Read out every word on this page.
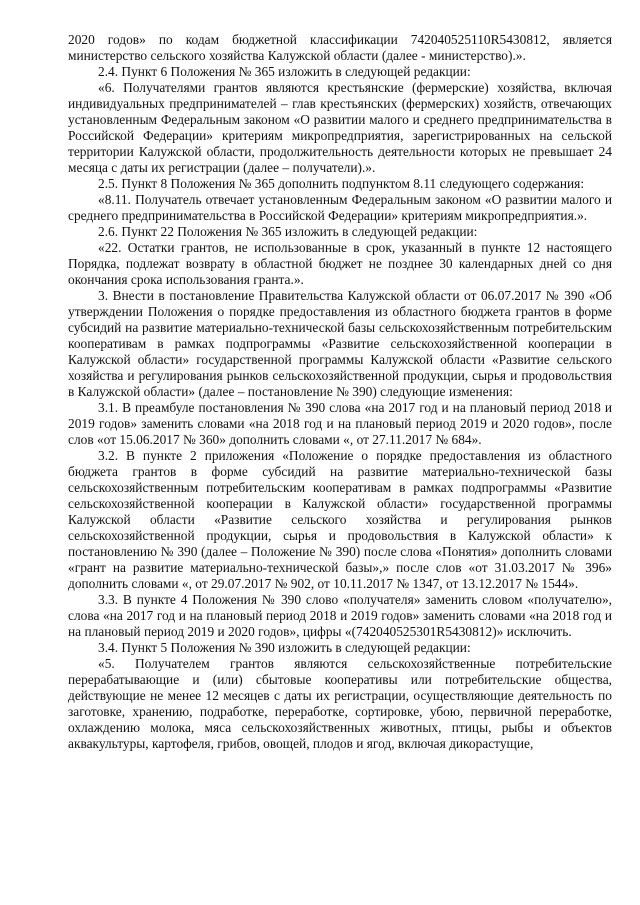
2020 годов» по кодам бюджетной классификации 742040525110R5430812, является министерство сельского хозяйства Калужской области (далее - министерство).».

2.4. Пункт 6 Положения № 365 изложить в следующей редакции:

«6. Получателями грантов являются крестьянские (фермерские) хозяйства, включая индивидуальных предпринимателей – глав крестьянских (фермерских) хозяйств, отвечающих установленным Федеральным законом «О развитии малого и среднего предпринимательства в Российской Федерации» критериям микропредприятия, зарегистрированных на сельской территории Калужской области, продолжительность деятельности которых не превышает 24 месяца с даты их регистрации (далее – получатели).».

2.5. Пункт 8 Положения № 365 дополнить подпунктом 8.11 следующего содержания:

«8.11. Получатель отвечает установленным Федеральным законом «О развитии малого и среднего предпринимательства в Российской Федерации» критериям микропредприятия.».

2.6. Пункт 22 Положения № 365 изложить в следующей редакции:

«22. Остатки грантов, не использованные в срок, указанный в пункте 12 настоящего Порядка, подлежат возврату в областной бюджет не позднее 30 календарных дней со дня окончания срока использования гранта.».

3. Внести в постановление Правительства Калужской области от 06.07.2017 № 390 «Об утверждении Положения о порядке предоставления из областного бюджета грантов в форме субсидий на развитие материально-технической базы сельскохозяйственным потребительским кооперативам в рамках подпрограммы «Развитие сельскохозяйственной кооперации в Калужской области» государственной программы Калужской области «Развитие сельского хозяйства и регулирования рынков сельскохозяйственной продукции, сырья и продовольствия в Калужской области» (далее – постановление № 390) следующие изменения:

3.1. В преамбуле постановления № 390 слова «на 2017 год и на плановый период 2018 и 2019 годов» заменить словами «на 2018 год и на плановый период 2019 и 2020 годов», после слов «от 15.06.2017 № 360» дополнить словами «, от 27.11.2017 № 684».

3.2. В пункте 2 приложения «Положение о порядке предоставления из областного бюджета грантов в форме субсидий на развитие материально-технической базы сельскохозяйственным потребительским кооперативам в рамках подпрограммы «Развитие сельскохозяйственной кооперации в Калужской области» государственной программы Калужской области «Развитие сельского хозяйства и регулирования рынков сельскохозяйственной продукции, сырья и продовольствия в Калужской области» к постановлению № 390 (далее – Положение № 390) после слова «Понятия» дополнить словами «грант на развитие материально-технической базы»,» после слов «от 31.03.2017 № 396» дополнить словами «, от 29.07.2017 № 902, от 10.11.2017 № 1347, от 13.12.2017 № 1544».

3.3. В пункте 4 Положения № 390 слово «получателя» заменить словом «получателю», слова «на 2017 год и на плановый период 2018 и 2019 годов» заменить словами «на 2018 год и на плановый период 2019 и 2020 годов», цифры «(742040525301R5430812)» исключить.

3.4. Пункт 5 Положения № 390 изложить в следующей редакции:

«5. Получателем грантов являются сельскохозяйственные потребительские перерабатывающие и (или) сбытовые кооперативы или потребительские общества, действующие не менее 12 месяцев с даты их регистрации, осуществляющие деятельность по заготовке, хранению, подработке, переработке, сортировке, убою, первичной переработке, охлаждению молока, мяса сельскохозяйственных животных, птицы, рыбы и объектов аквакультуры, картофеля, грибов, овощей, плодов и ягод, включая дикорастущие,
